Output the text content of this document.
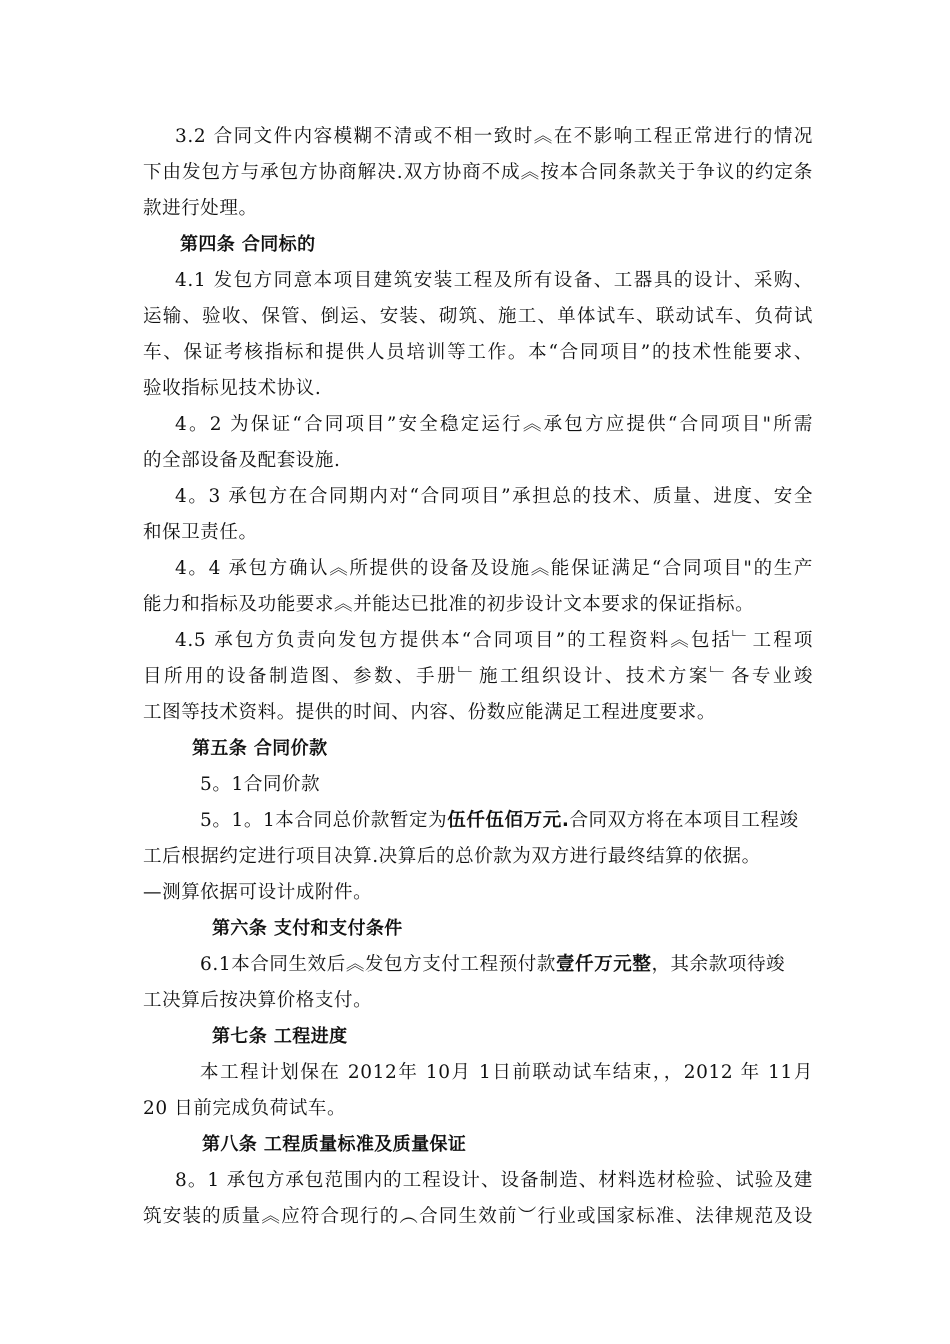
3.2 合同文件内容模糊不清或不相一致时︽在不影响工程正常进行的情况
下由发包方与承包方协商解决.双方协商不成︽按本合同条款关于争议的约定条
款进行处理。
第四条 合同标的
4.1 发包方同意本项目建筑安装工程及所有设备、工器具的设计、采购、
运输、验收、保管、倒运、安装、砌筑、施工、单体试车、联动试车、负荷试
车、保证考核指标和提供人员培训等工作。本“合同项目”的技术性能要求、
验收指标见技术协议.
4。2 为保证“合同项目”安全稳定运行︽承包方应提供“合同项目"所需
的全部设备及配套设施.
4。3 承包方在合同期内对“合同项目”承担总的技术、质量、进度、安全
和保卫责任。
4。4 承包方确认︽所提供的设备及设施︽能保证满足“合同项目"的生产
能力和指标及功能要求︽并能达已批准的初步设计文本要求的保证指标。
4.5 承包方负责向发包方提供本“合同项目”的工程资料︽包括﹂工程项
目所用的设备制造图、参数、手册﹂施工组织设计、技术方案﹂各专业竣
工图等技术资料。提供的时间、内容、份数应能满足工程进度要求。
第五条 合同价款
5。1合同价款
5。1。1本合同总价款暂定为伍仟伍佰万元.合同双方将在本项目工程竣
工后根据约定进行项目决算.决算后的总价款为双方进行最终结算的依据。
—测算依据可设计成附件。
第六条 支付和支付条件
6.1本合同生效后︽发包方支付工程预付款壹仟万元整，其余款项待竣
工决算后按决算价格支付。
第七条 工程进度
本工程计划保在 2012年 10月 1日前联动试车结束，，2012 年 11月
20 日前完成负荷试车。
第八条 工程质量标准及质量保证
8。1 承包方承包范围内的工程设计、设备制造、材料选材检验、试验及建
筑安装的质量︽应符合现行的︵合同生效前︶行业或国家标准、法律规范及设
